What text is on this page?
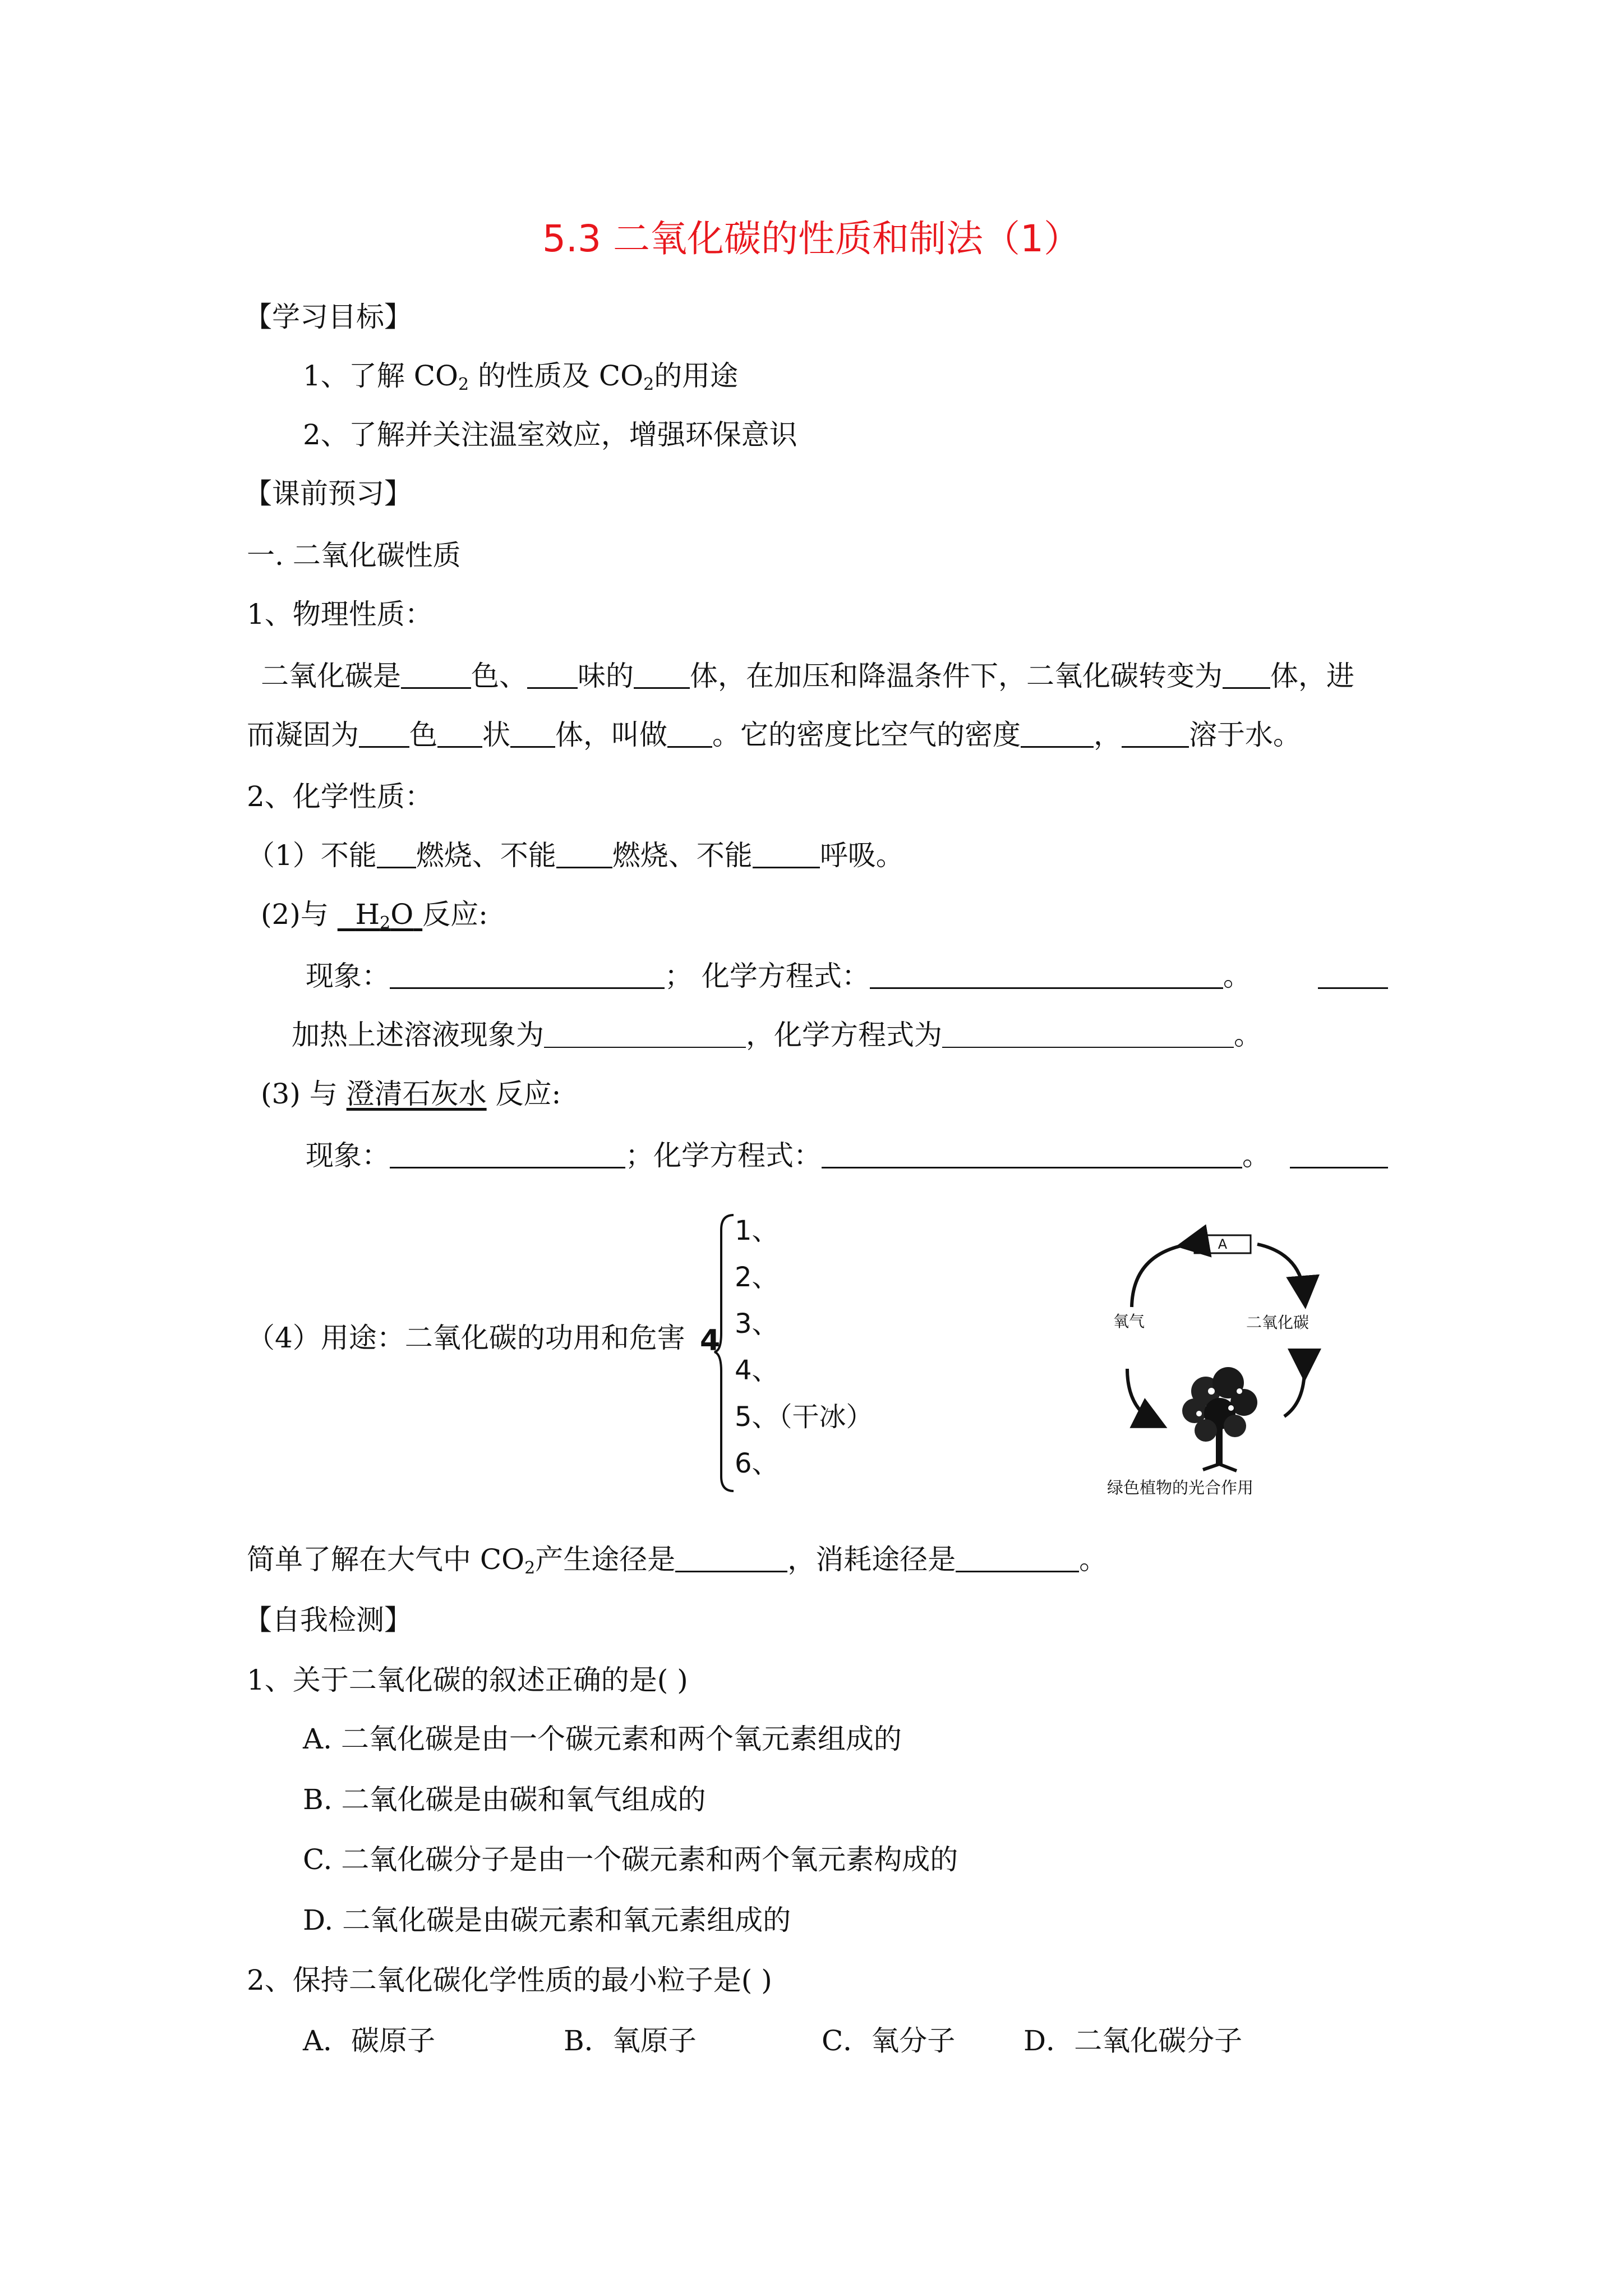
5.3 二氧化碳的性质和制法（1）
【学习目标】
1、了解 $CO_2$ 的性质及 $CO_2$的用途
2、了解并关注温室效应，增强环保意识
【课前预习】
一. 二氧化碳性质
1、物理性质：
二氧化碳是	色、 味的 体，在加压和降温条件下，二氧化碳转变为 体，进
而凝固为 色 状 体，叫做 。它的密度比空气的密度	， 溶于水。
2、化学性质：
（1）不能 燃烧、不能 燃烧、不能 呼吸。
(2)与 $H_2O$ 反应:
现象：	； 化学方程式：	。
加热上述溶液现象为	，化学方程式为	。
(3) 与 澄清石灰水 反应:
现象：	；化学方程式：	。
（4）用途：二氧化碳的功用和危害 4
1、
2、
3、
4、
5、（干冰）
6、
A
氧气	二氧化碳
绿色植物的光合作用
简单了解在大气中 $CO_2$产生途径是	，消耗途径是	。
【自我检测】
1、关于二氧化碳的叙述正确的是( )
A. 二氧化碳是由一个碳元素和两个氧元素组成的
B. 二氧化碳是由碳和氧气组成的
C. 二氧化碳分子是由一个碳元素和两个氧元素构成的
D. 二氧化碳是由碳元素和氧元素组成的
2、保持二氧化碳化学性质的最小粒子是( )
A．碳原子	B．氧原子	C．氧分子 D．二氧化碳分子
